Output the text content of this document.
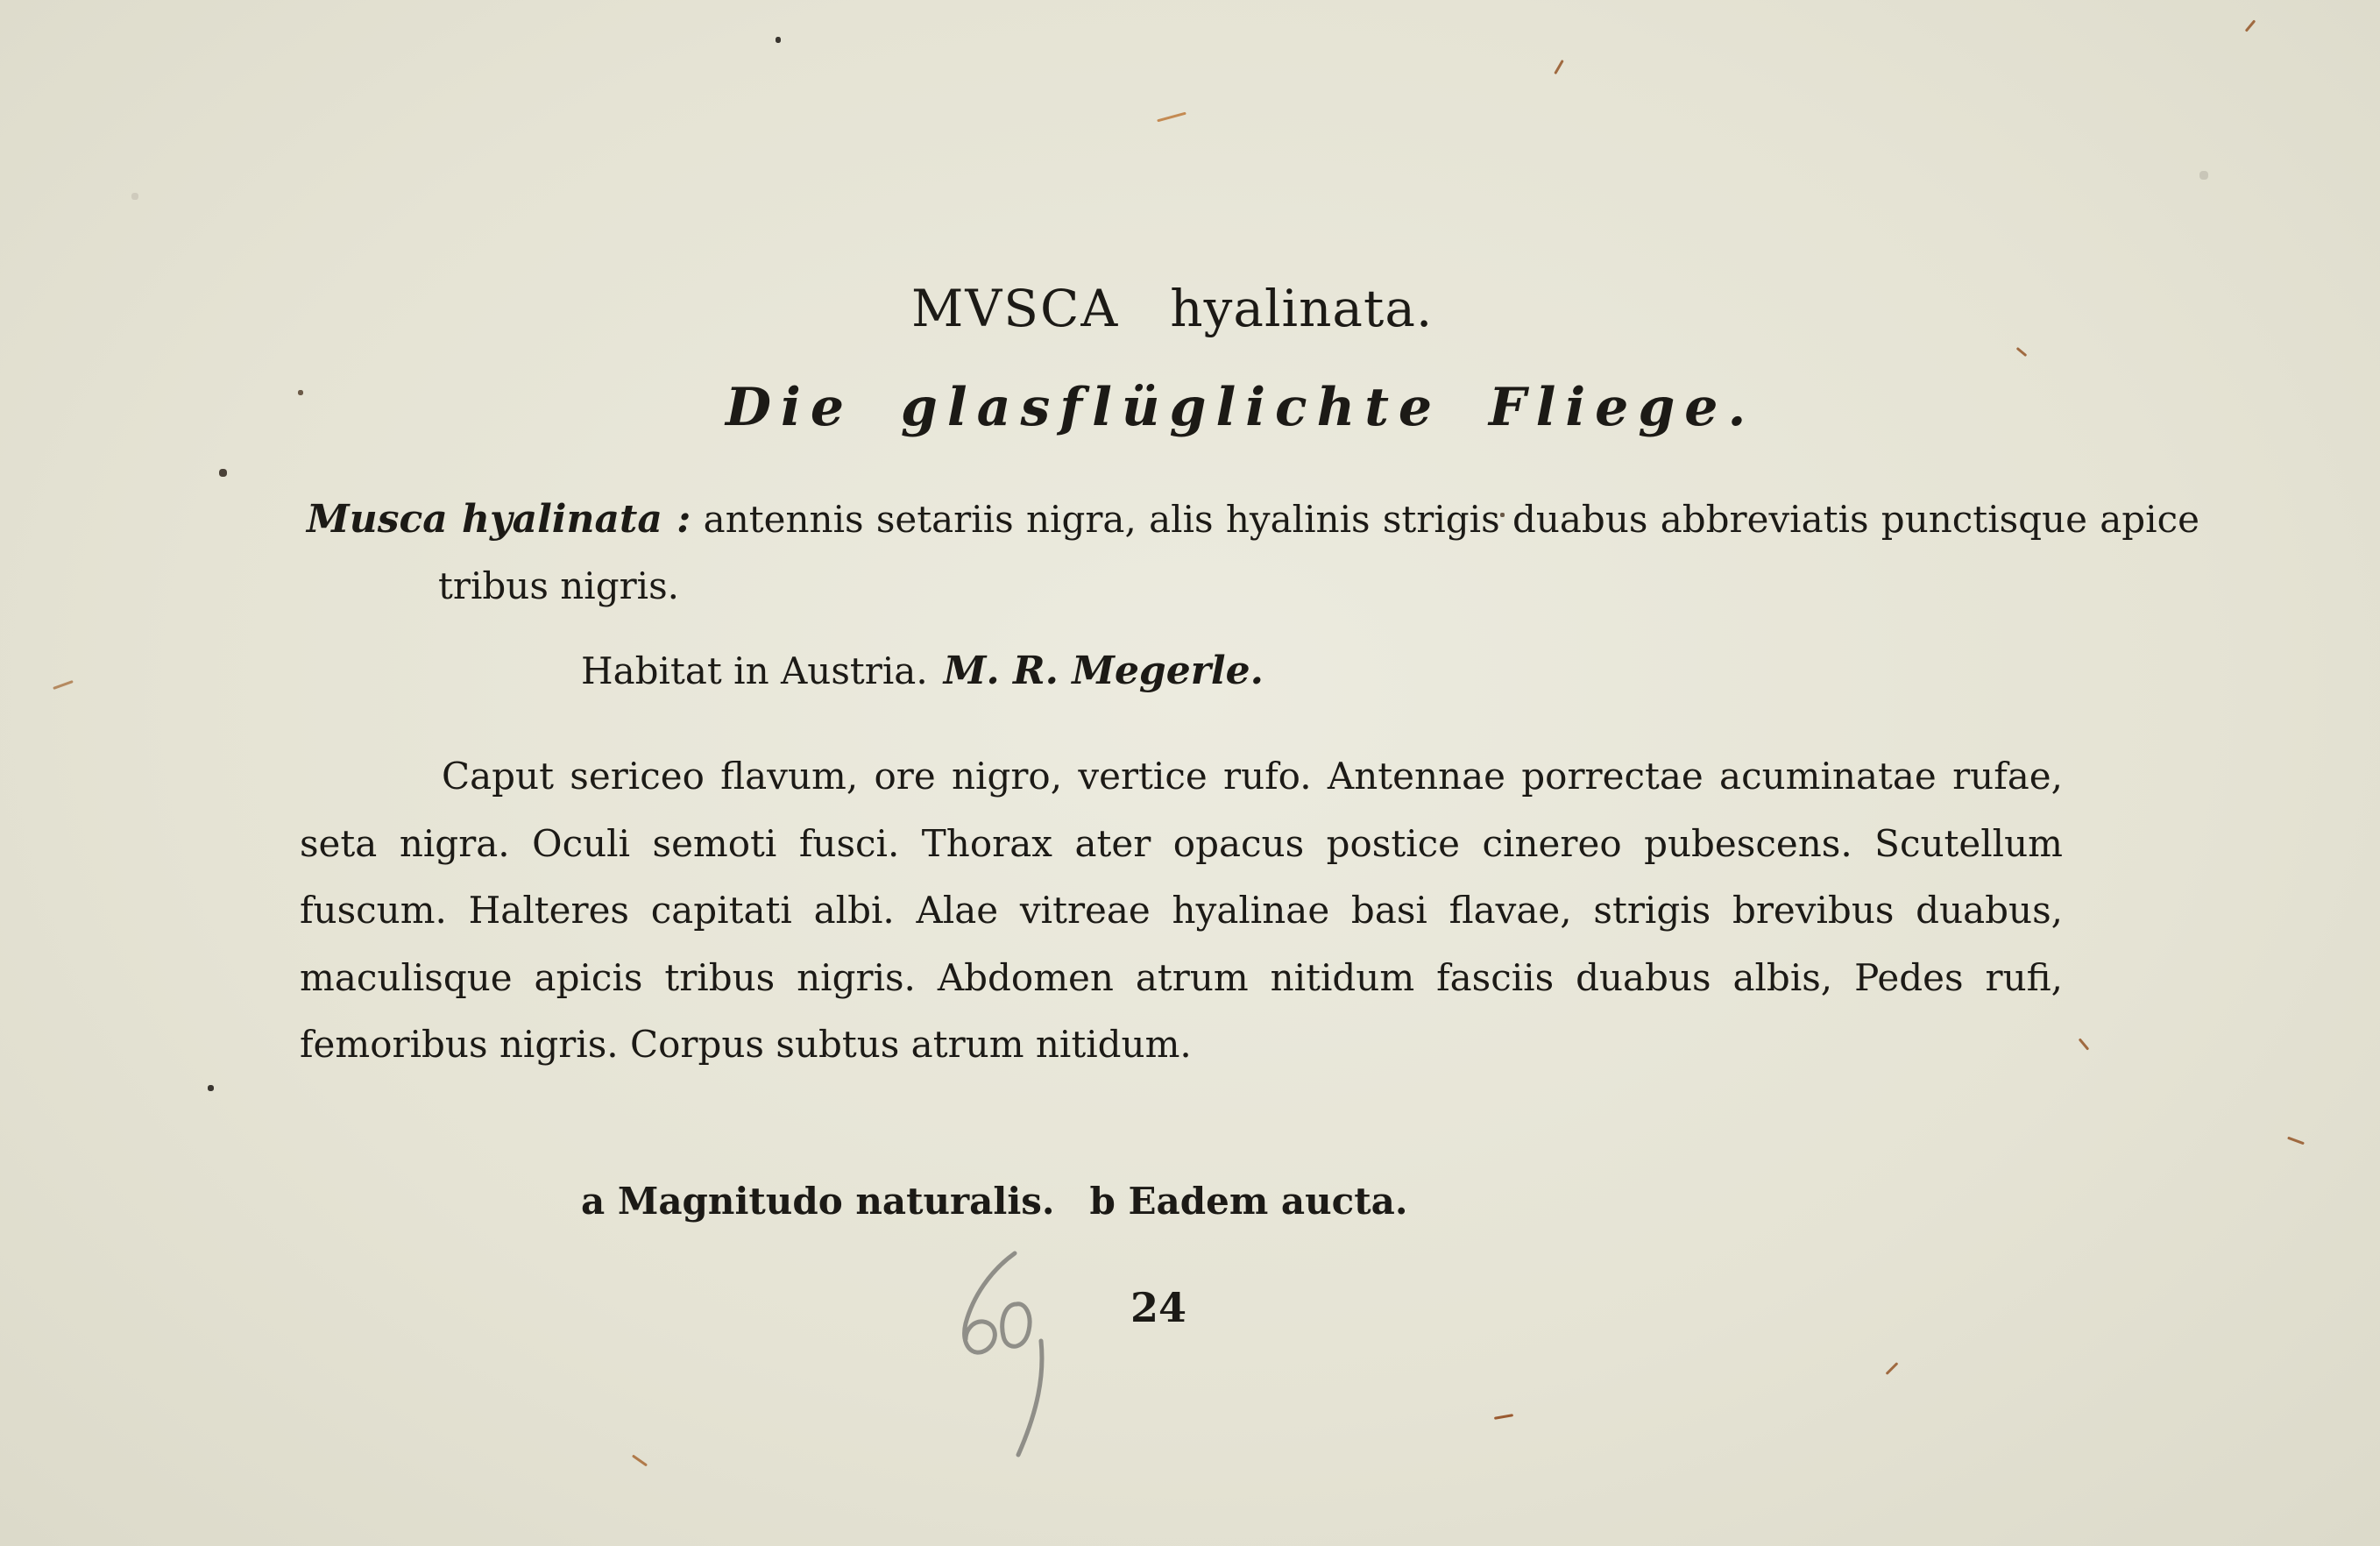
MVSCA hyalinata.
Die glasflüglichte Fliege.
Musca hyalinata : antennis setariis nigra, alis hyalinis strigis duabus abbreviatis punctisque apice tribus nigris.
Habitat in Austria. M. R. Megerle.
Caput sericeo flavum, ore nigro, vertice rufo. Antennae porrectae acuminatae rufae, seta nigra. Oculi semoti fusci. Thorax ater opacus postice cinereo pubescens. Scutellum fuscum. Halteres capitati albi. Alae vitreae hyalinae basi flavae, strigis brevibus duabus, maculisque apicis tribus nigris. Abdomen atrum nitidum fasciis duabus albis, Pedes rufi, femoribus nigris. Corpus subtus atrum nitidum.
a Magnitudo naturalis. b Eadem aucta.
24
